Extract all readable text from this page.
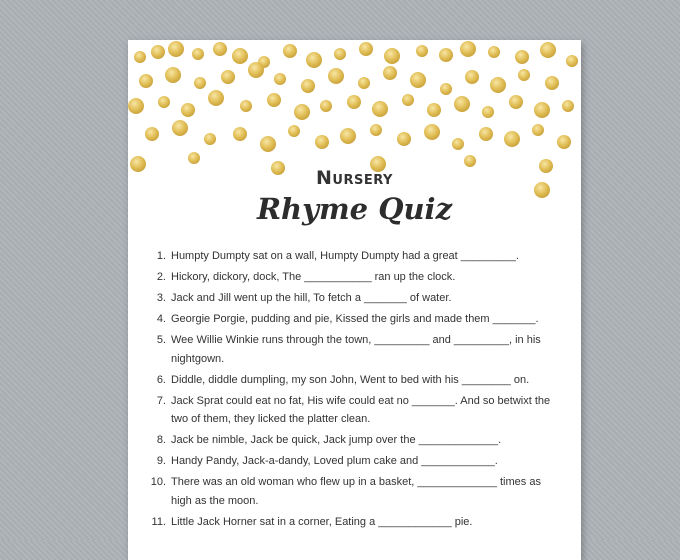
Nursery
Rhyme Quiz
1. Humpty Dumpty sat on a wall, Humpty Dumpty had a great _________.
2. Hickory, dickory, dock, The ___________ ran up the clock.
3. Jack and Jill went up the hill, To fetch a _______ of water.
4. Georgie Porgie, pudding and pie, Kissed the girls and made them _______.
5. Wee Willie Winkie runs through the town, _________ and _________, in his nightgown.
6. Diddle, diddle dumpling, my son John, Went to bed with his ________ on.
7. Jack Sprat could eat no fat, His wife could eat no _______. And so betwixt the two of them, they licked the platter clean.
8. Jack be nimble, Jack be quick, Jack jump over the _____________.
9. Handy Pandy, Jack-a-dandy, Loved plum cake and ____________.
10. There was an old woman who flew up in a basket, _____________ times as high as the moon.
11. Little Jack Horner sat in a corner, Eating a ____________ pie.
